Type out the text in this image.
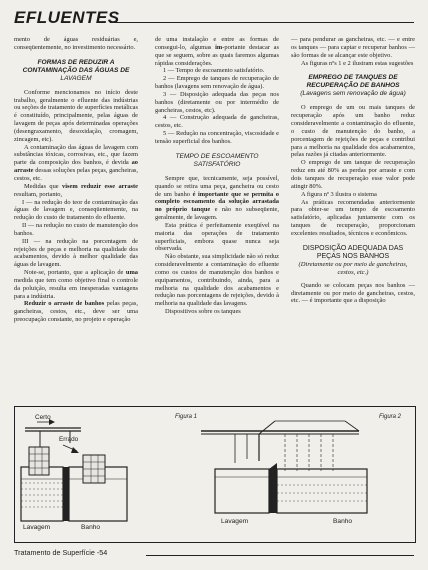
EFLUENTES

mento de águas residuárias e, conseqüentemente, no investimento necessário.

FORMAS DE REDUZIR A CONTAMINAÇÃO DAS ÁGUAS DE
LAVAGEM

Conforme mencionamos no início deste trabalho, geralmente o efluente das indústrias ou seções de tratamento de superfícies metálicas é constituído, principalmente, pelas águas de lavagem de peças após determinadas operações (desengraxamento, desoxidação, cromagem, zincagem, etc).

A contaminação das águas de lavagem com substâncias tóxicas, corrosivas, etc., que fazem parte da composição dos banhos, é devida ao arraste dessas soluções pelas peças, gancheiras, cestos, etc.

Medidas que visem reduzir esse arraste resultam, portanto,

I — na redução do teor de contaminação das águas de lavagem e, conseqüentemente, na redução do custo de tratamento do efluente.

II — na redução no custo de manutenção dos banhos.

III — na redução na porcentagem de rejeições de peças e melhoria na qualidade dos acabamentos, devido à melhor qualidade das águas de lavagem.

Note-se, portanto, que a aplicação de uma medida que tem como objetivo final o controle da poluição, resulta em inesperadas vantagens para a indústria.

Reduzir o arraste de banhos pelas peças, gancheiras, cestos, etc., deve ser uma preocupação constante, no projeto e operação

de uma instalação e entre as formas de consegui-lo, algumas im-portante destacar as que se seguem, sobre as quais faremos algumas rápidas considerações.

1 — Tempo de escoamento satisfatório.

2 — Emprego de tanques de recuperação de banhos (lavagens sem renovação de água).

3 — Disposição adequada das peças nos banhos (diretamente ou por intermédio de gancheiras, cestos, etc).

4 — Construção adequada de gancheiras, cestos, etc.

5 — Redução na concentração, viscosidade e tensão superficial dos banhos.

TEMPO DE ESCOAMENTO
SATISFATÓRIO

Sempre que, tecnicamente, seja possível, quando se retira uma peça, gancheira ou cesto de um banho é importante que se permita o completo escoamento da solução arrastada no próprio tanque e não no subseqüente, geralmente, de lavagem.

Esta prática é perfeitamente exeqüível na maioria das operações de tratamento superficiais, embora quase nunca seja observada.

Não obstante, sua simplicidade não só reduz consideravelmente a contaminação do efluente como os custos de manutenção dos banhos e equipamentos, contribuindo, ainda, para a melhoria na qualidade dos acabamentos e redução nas porcentagens de rejeições, devido à melhoria na qualidade das lavagens.

Dispositivos sobre os tanques

— para pendurar as gancheiras, etc. — e entre os tanques — para captar e recuperar banhos — são formas de se alcançar este objetivo.

As figuras nºs 1 e 2 ilustram estas sugestões

EMPREGO DE TANQUES DE RECUPERAÇÃO DE BANHOS
(Lavagens sem renovação de água)

O emprego de um ou mais tanques de recuperação após um banho reduz consideravelmente a contaminação do efluente, o custo de manutenção do banho, a porcentagem de rejeições de peças e contribui para a melhoria na qualidade dos acabamentos, pelas razões já citadas anteriormente.

O emprego de um tanque de recuperação reduz em até 80% as perdas por arraste e com dois tanques de recuperação esse valor pode atingir 80%.

A figura nº 3 ilustra o sistema

As práticas recomendadas anteriormente para obter-se um tempo de escoamento satisfatório, aplicadas juntamente com os tanques de recuperação, proporcionam excelentes resultados, técnicos e econômicos.

DISPOSIÇÃO ADEQUADA DAS PEÇAS NOS BANHOS
(Diretamente ou por meio de gancheiras, cestos, etc.)

Quando se colocam peças nos banhos — diretamente ou por meio de gancheiras, cestos, etc. — é importante que a disposição

Certo
Errado
Lavagem	Banho
Figura 1
Lavagem	Banho
Figura 2
Tratamento de Superfície -54
